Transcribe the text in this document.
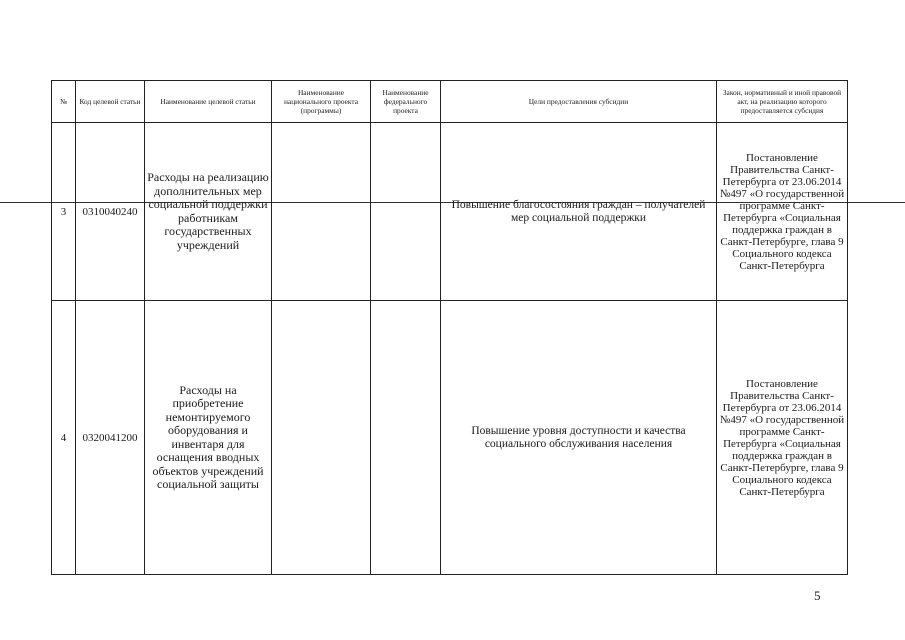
№	Код целевой статьи	Наименование целевой статьи	Наименование национального проекта (программы)	Наименование федерального проекта	Цели предоставления субсидии	Закон, нормативный и иной правовой акт, на реализацию которого предоставляется субсидия
3	0310040240	Расходы на реализацию дополнительных мер социальной поддержки работникам государственных учреждений			Повышение благосостояния граждан – получателей мер социальной поддержки	Постановление Правительства Санкт-Петербурга от 23.06.2014 №497 «О государственной программе Санкт-Петербурга «Социальная поддержка граждан в Санкт-Петербурге, глава 9 Социального кодекса Санкт-Петербурга
4	0320041200	Расходы на приобретение немонтируемого оборудования и инвентаря для оснащения вводных объектов учреждений социальной защиты			Повышение уровня доступности и качества социального обслуживания населения	Постановление Правительства Санкт-Петербурга от 23.06.2014 №497 «О государственной программе Санкт-Петербурга «Социальная поддержка граждан в Санкт-Петербурге, глава 9 Социального кодекса Санкт-Петербурга
5
